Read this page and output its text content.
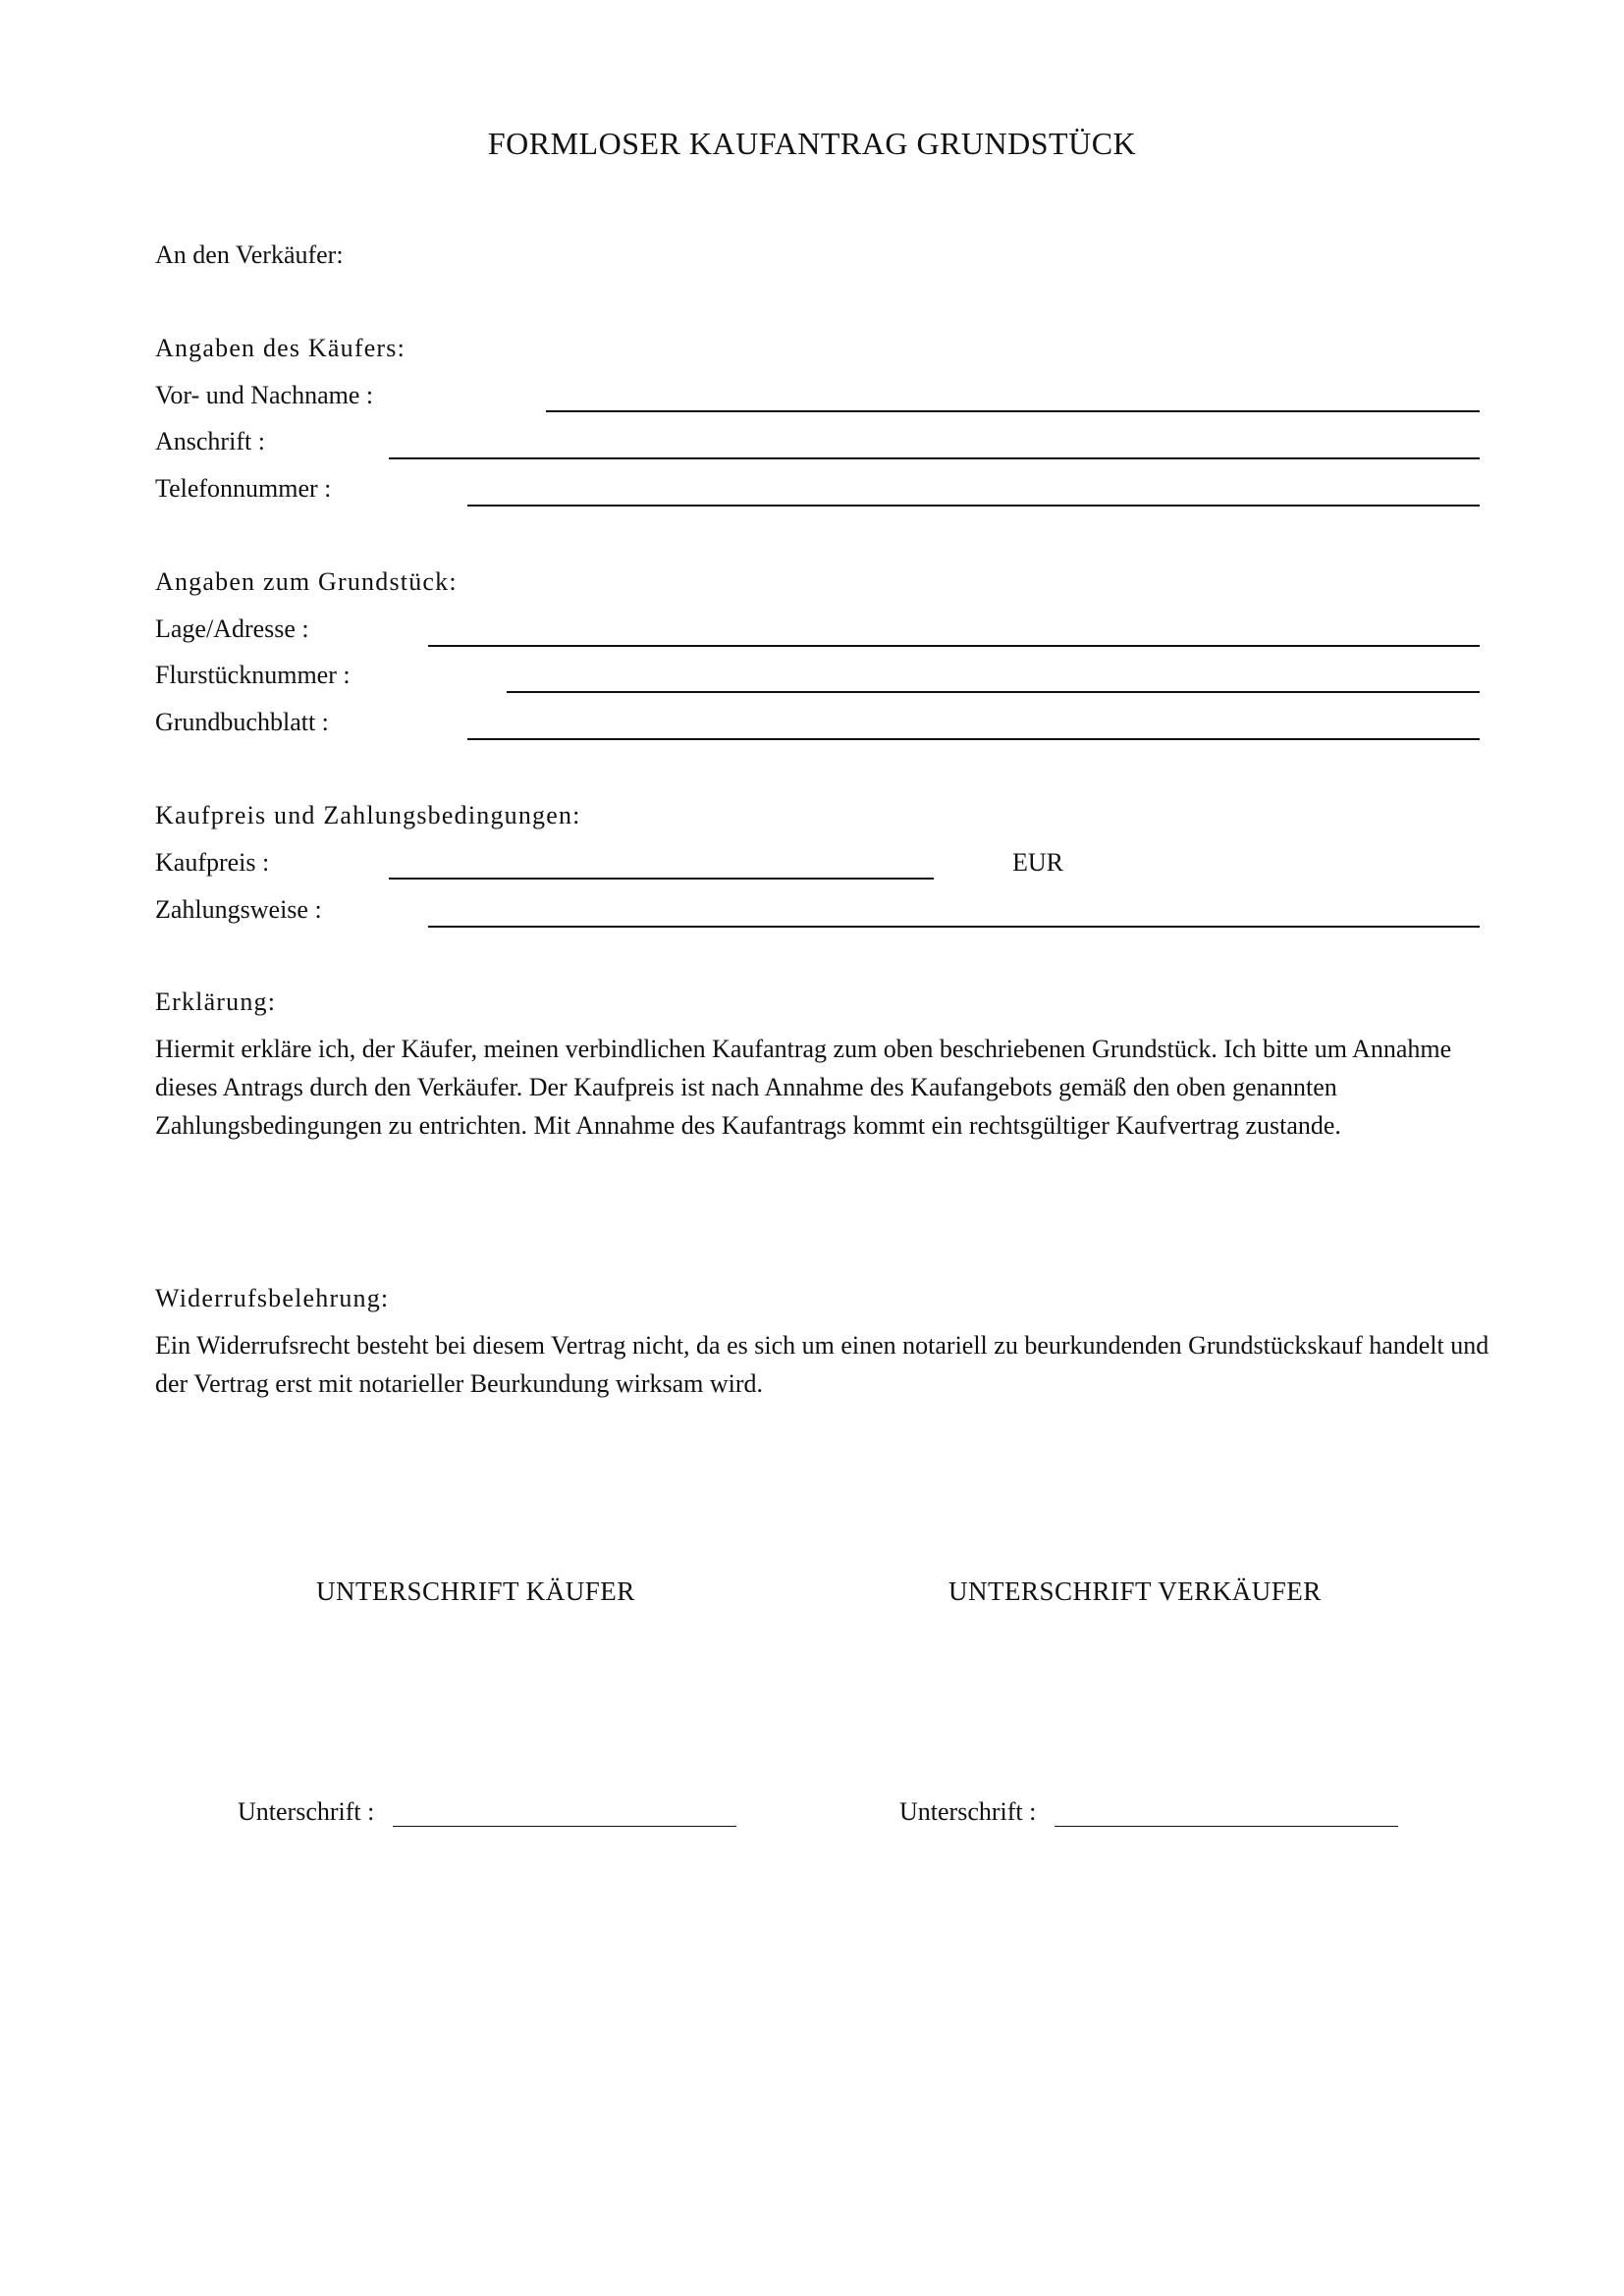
FORMLOSER KAUFANTRAG GRUNDSTÜCK
An den Verkäufer:
Angaben des Käufers:
Vor- und Nachname :
Anschrift :
Telefonnummer :
Angaben zum Grundstück:
Lage/Adresse :
Flurstücknummer :
Grundbuchblatt :
Kaufpreis und Zahlungsbedingungen:
Kaufpreis :	EUR
Zahlungsweise :
Erklärung:
Hiermit erkläre ich, der Käufer, meinen verbindlichen Kaufantrag zum oben beschriebenen Grundstück. Ich bitte um Annahme dieses Antrags durch den Verkäufer. Der Kaufpreis ist nach Annahme des Kaufangebots gemäß den oben genannten Zahlungsbedingungen zu entrichten. Mit Annahme des Kaufantrags kommt ein rechtsgültiger Kaufvertrag zustande.
Widerrufsbelehrung:
Ein Widerrufsrecht besteht bei diesem Vertrag nicht, da es sich um einen notariell zu beurkundenden Grundstückskauf handelt und der Vertrag erst mit notarieller Beurkundung wirksam wird.
UNTERSCHRIFT KÄUFER	UNTERSCHRIFT VERKÄUFER
Unterschrift :	Unterschrift :
